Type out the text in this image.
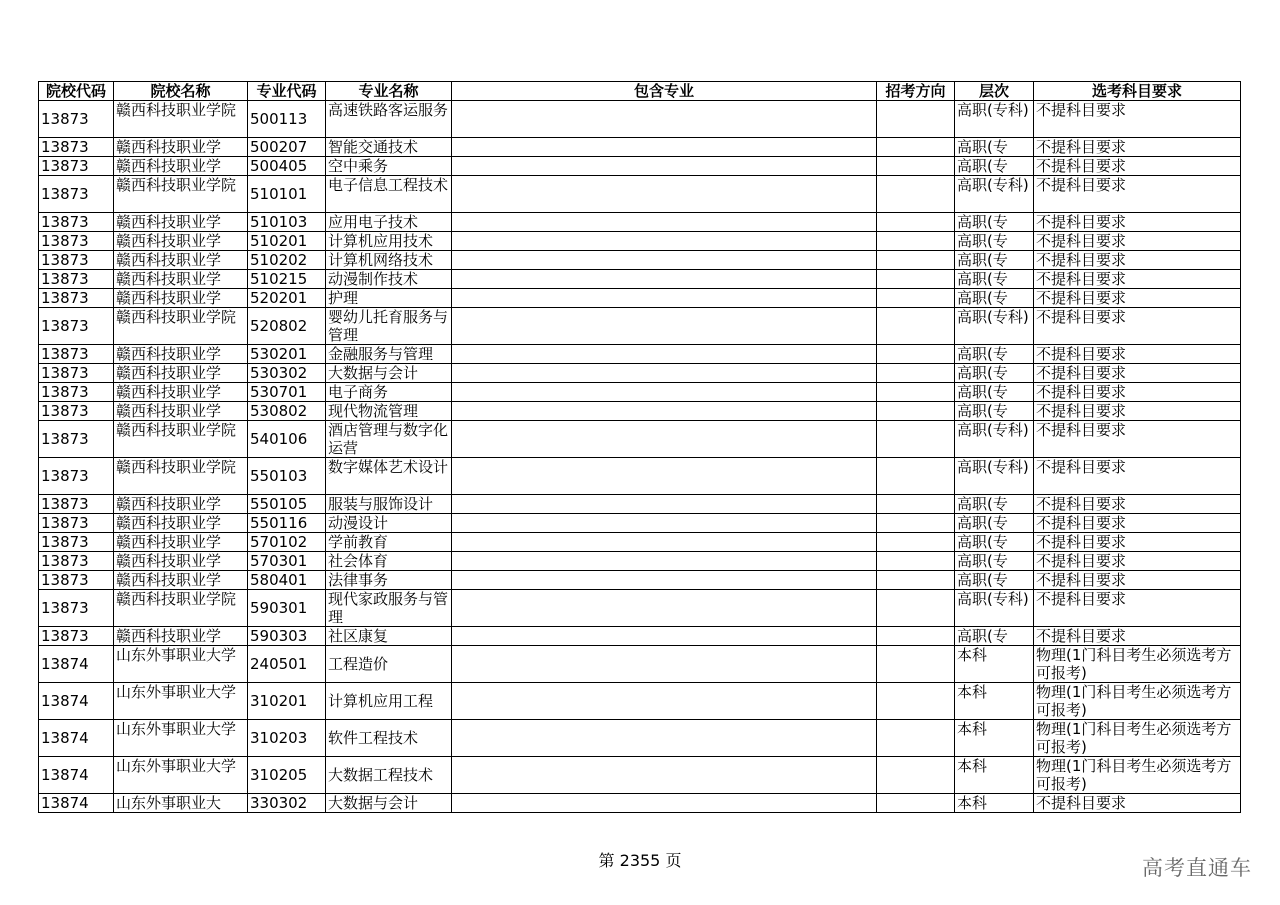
院校代码	院校名称	专业代码	专业名称	包含专业	招考方向	层次	选考科目要求
13873	赣西科技职业学院	500113	高速铁路客运服务			高职(专科)	不提科目要求
13873	赣西科技职业学	500207	智能交通技术			高职(专	不提科目要求
13873	赣西科技职业学	500405	空中乘务			高职(专	不提科目要求
13873	赣西科技职业学院	510101	电子信息工程技术			高职(专科)	不提科目要求
13873	赣西科技职业学	510103	应用电子技术			高职(专	不提科目要求
13873	赣西科技职业学	510201	计算机应用技术			高职(专	不提科目要求
13873	赣西科技职业学	510202	计算机网络技术			高职(专	不提科目要求
13873	赣西科技职业学	510215	动漫制作技术			高职(专	不提科目要求
13873	赣西科技职业学	520201	护理			高职(专	不提科目要求
13873	赣西科技职业学院	520802	婴幼儿托育服务与管理			高职(专科)	不提科目要求
13873	赣西科技职业学	530201	金融服务与管理			高职(专	不提科目要求
13873	赣西科技职业学	530302	大数据与会计			高职(专	不提科目要求
13873	赣西科技职业学	530701	电子商务			高职(专	不提科目要求
13873	赣西科技职业学	530802	现代物流管理			高职(专	不提科目要求
13873	赣西科技职业学院	540106	酒店管理与数字化运营			高职(专科)	不提科目要求
13873	赣西科技职业学院	550103	数字媒体艺术设计			高职(专科)	不提科目要求
13873	赣西科技职业学	550105	服装与服饰设计			高职(专	不提科目要求
13873	赣西科技职业学	550116	动漫设计			高职(专	不提科目要求
13873	赣西科技职业学	570102	学前教育			高职(专	不提科目要求
13873	赣西科技职业学	570301	社会体育			高职(专	不提科目要求
13873	赣西科技职业学	580401	法律事务			高职(专	不提科目要求
13873	赣西科技职业学院	590301	现代家政服务与管理			高职(专科)	不提科目要求
13873	赣西科技职业学	590303	社区康复			高职(专	不提科目要求
13874	山东外事职业大学	240501	工程造价			本科	物理(1门科目考生必须选考方可报考)
13874	山东外事职业大学	310201	计算机应用工程			本科	物理(1门科目考生必须选考方可报考)
13874	山东外事职业大学	310203	软件工程技术			本科	物理(1门科目考生必须选考方可报考)
13874	山东外事职业大学	310205	大数据工程技术			本科	物理(1门科目考生必须选考方可报考)
13874	山东外事职业大	330302	大数据与会计			本科	不提科目要求
第 2355 页	高考直通车
